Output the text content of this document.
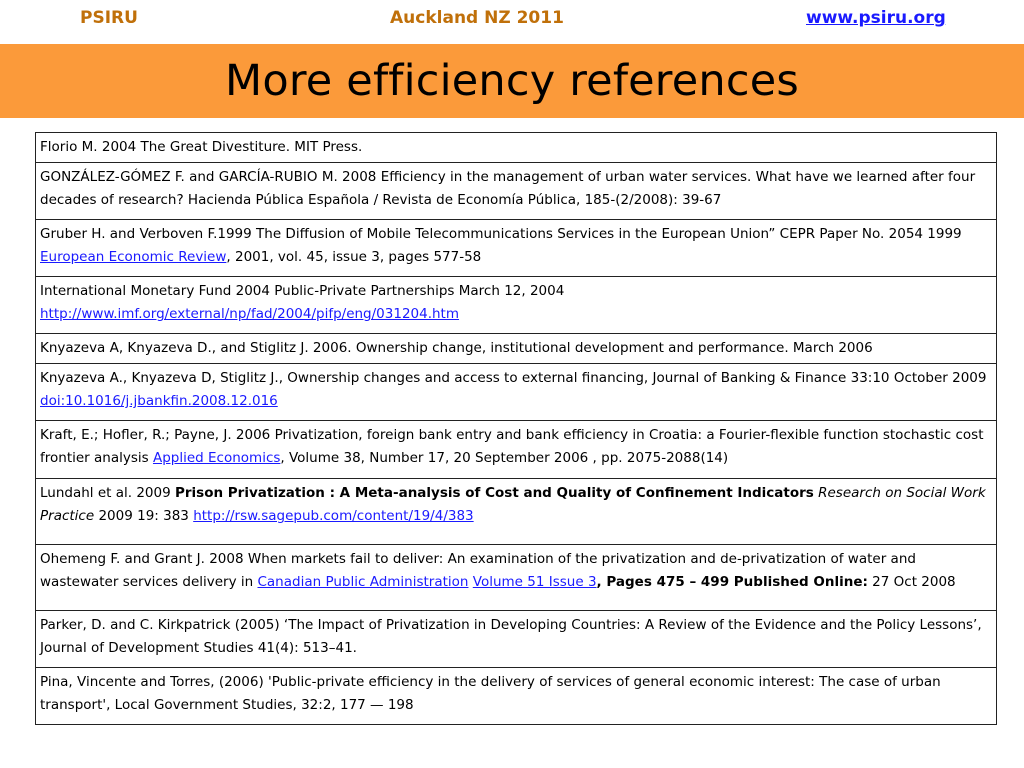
PSIRU	Auckland NZ 2011	www.psiru.org
More efficiency references
Florio M. 2004 The Great Divestiture. MIT Press.
GONZÁLEZ-GÓMEZ F. and GARCÍA-RUBIO M. 2008 Efficiency in the management of urban water services. What have we learned after four decades of research? Hacienda Pública Española / Revista de Economía Pública, 185-(2/2008): 39-67
Gruber H. and Verboven F.1999 The Diffusion of Mobile Telecommunications Services in the European Union” CEPR Paper No. 2054 1999 European Economic Review, 2001, vol. 45, issue 3, pages 577-58
International Monetary Fund 2004 Public-Private Partnerships March 12, 2004
http://www.imf.org/external/np/fad/2004/pifp/eng/031204.htm
Knyazeva A, Knyazeva D., and Stiglitz J. 2006. Ownership change, institutional development and performance. March 2006
Knyazeva A., Knyazeva D, Stiglitz J., Ownership changes and access to external financing, Journal of Banking & Finance 33:10 October 2009 doi:10.1016/j.jbankfin.2008.12.016
Kraft, E.; Hofler, R.; Payne, J. 2006 Privatization, foreign bank entry and bank efficiency in Croatia: a Fourier-flexible function stochastic cost frontier analysis Applied Economics, Volume 38, Number 17, 20 September 2006 , pp. 2075-2088(14)
Lundahl et al. 2009 Prison Privatization : A Meta-analysis of Cost and Quality of Confinement Indicators Research on Social Work Practice 2009 19: 383 http://rsw.sagepub.com/content/19/4/383
Ohemeng F. and Grant J. 2008 When markets fail to deliver: An examination of the privatization and de-privatization of water and wastewater services delivery in Canadian Public Administration Volume 51 Issue 3, Pages 475 – 499 Published Online: 27 Oct 2008
Parker, D. and C. Kirkpatrick (2005) ‘The Impact of Privatization in Developing Countries: A Review of the Evidence and the Policy Lessons’, Journal of Development Studies 41(4): 513–41.
Pina, Vincente and Torres, (2006) 'Public-private efficiency in the delivery of services of general economic interest: The case of urban transport', Local Government Studies, 32:2, 177 — 198
